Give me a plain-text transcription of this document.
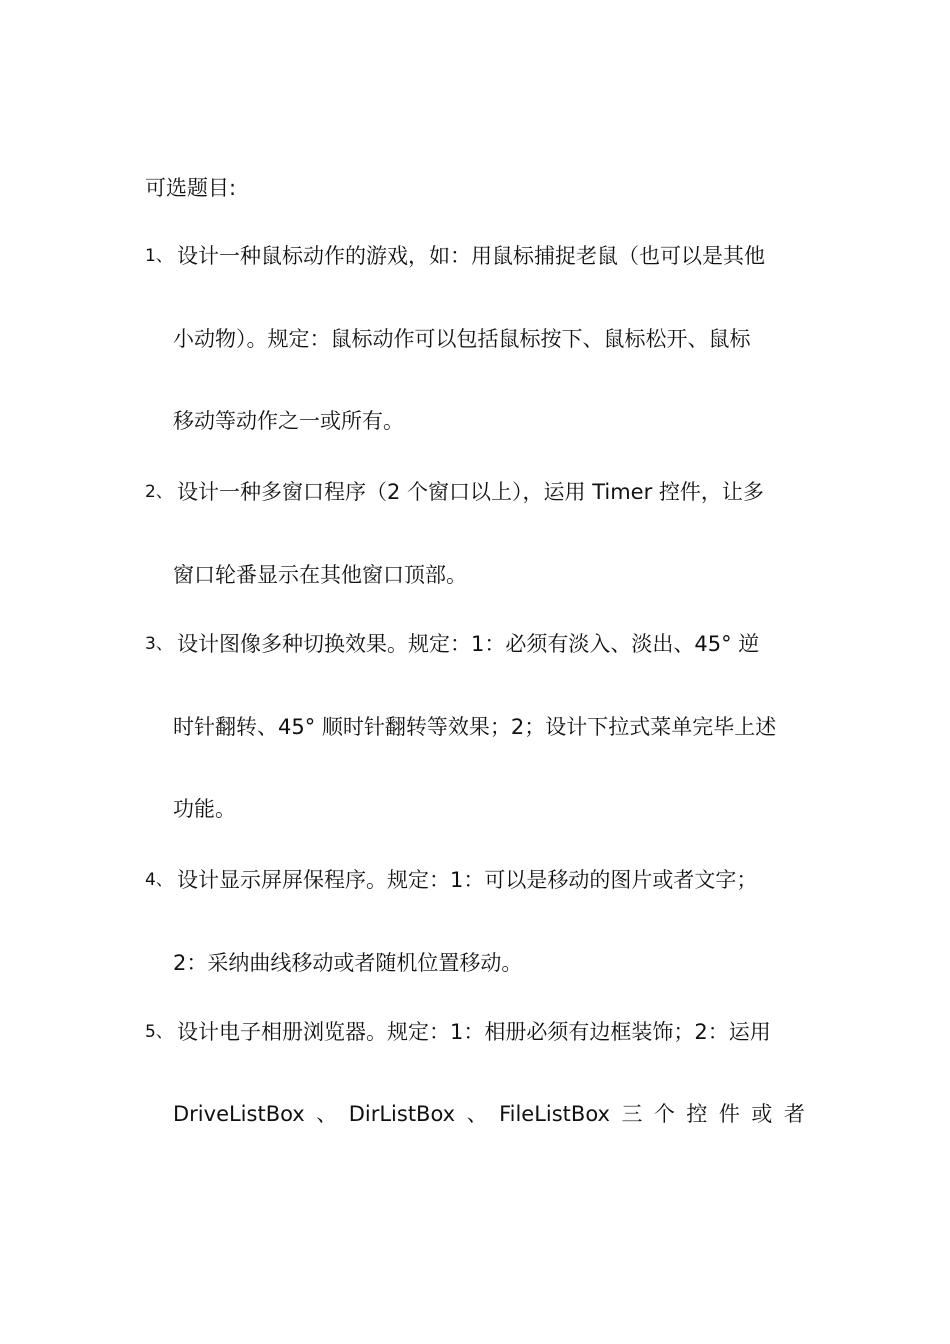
可选题目:
1、 设计一种鼠标动作的游戏，如：用鼠标捕捉老鼠（也可以是其他
小动物）。规定：鼠标动作可以包括鼠标按下、鼠标松开、鼠标
移动等动作之一或所有。
2、 设计一种多窗口程序（2 个窗口以上），运用 Timer 控件，让多
窗口轮番显示在其他窗口顶部。
3、 设计图像多种切换效果。规定：1：必须有淡入、淡出、45° 逆
时针翻转、45° 顺时针翻转等效果；2；设计下拉式菜单完毕上述
功能。
4、 设计显示屏屏保程序。规定：1：可以是移动的图片或者文字；
2：采纳曲线移动或者随机位置移动。
5、 设计电子相册浏览器。规定：1：相册必须有边框装饰；2：运用
DriveListBox 、 DirListBox 、 FileListBox 三 个 控 件 或 者
